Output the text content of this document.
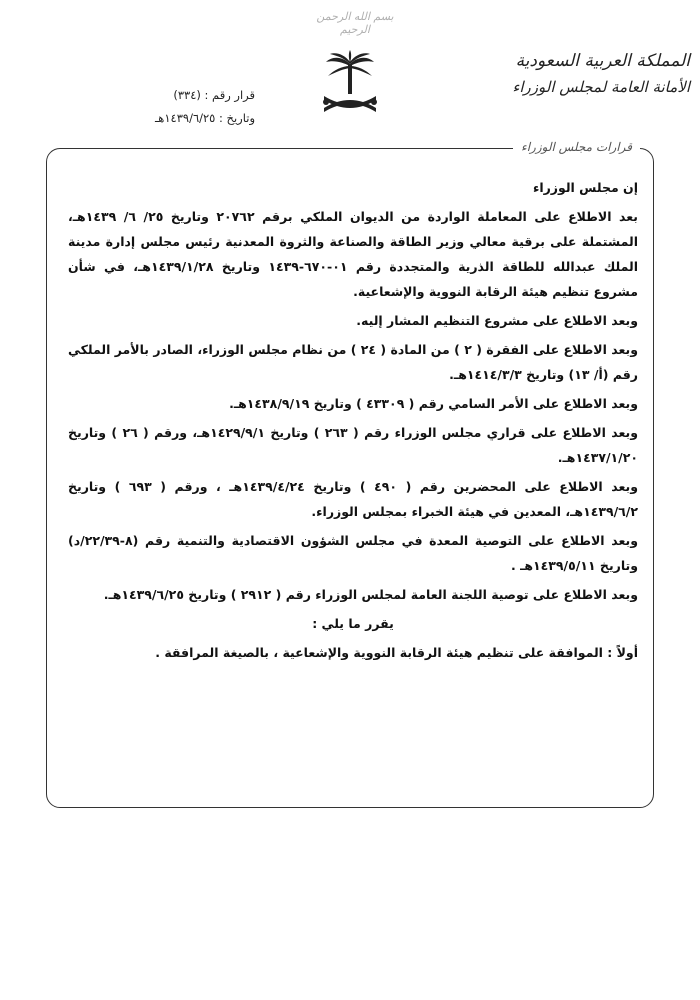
بسم الله الرحمن الرحيم
المملكة العربية السعودية
الأمانة العامة لمجلس الوزراء
قرار رقم : (٣٣٤)
وتاريخ : ١٤٣٩/٦/٢٥هـ
قرارات مجلس الوزراء

إن مجلس الوزراء

بعد الاطلاع على المعاملة الواردة من الديوان الملكي برقم ٢٠٧٦٢ وتاريخ ٢٥/ ٦/ ١٤٣٩هـ، المشتملة على برقية معالي وزير الطاقة والصناعة والثروة المعدنية رئيس مجلس إدارة مدينة الملك عبدالله للطاقة الذرية والمتجددة رقم ٠١-٦٧٠-١٤٣٩ وتاريخ ١٤٣٩/١/٢٨هـ، في شأن مشروع تنظيم هيئة الرقابة النووية والإشعاعية.

وبعد الاطلاع على مشروع التنظيم المشار إليه.

وبعد الاطلاع على الفقرة ( ٢ ) من المادة ( ٢٤ ) من نظام مجلس الوزراء، الصادر بالأمر الملكي رقم (أ/ ١٣) وتاريخ ١٤١٤/٣/٣هـ.

وبعد الاطلاع على الأمر السامي رقم ( ٤٣٣٠٩ ) وتاريخ ١٤٣٨/٩/١٩هـ.

وبعد الاطلاع على قراري مجلس الوزراء رقم ( ٢٦٣ ) وتاريخ ١٤٢٩/٩/١هـ، ورقم ( ٢٦ ) وتاريخ ١٤٣٧/١/٢٠هـ.

وبعد الاطلاع على المحضرين رقم ( ٤٩٠ ) وتاريخ ١٤٣٩/٤/٢٤هـ ، ورقم ( ٦٩٣ ) وتاريخ ١٤٣٩/٦/٢هـ، المعدين في هيئة الخبراء بمجلس الوزراء.

وبعد الاطلاع على التوصية المعدة في مجلس الشؤون الاقتصادية والتنمية رقم (٨-٢٢/٣٩/د) وتاريخ ١٤٣٩/٥/١١هـ .

وبعد الاطلاع على توصية اللجنة العامة لمجلس الوزراء رقم ( ٢٩١٢ ) وتاريخ ١٤٣٩/٦/٢٥هـ.

يقرر ما يلي :

أولاً : الموافقة على تنظيم هيئة الرقابة النووية والإشعاعية ، بالصيغة المرافقة .
